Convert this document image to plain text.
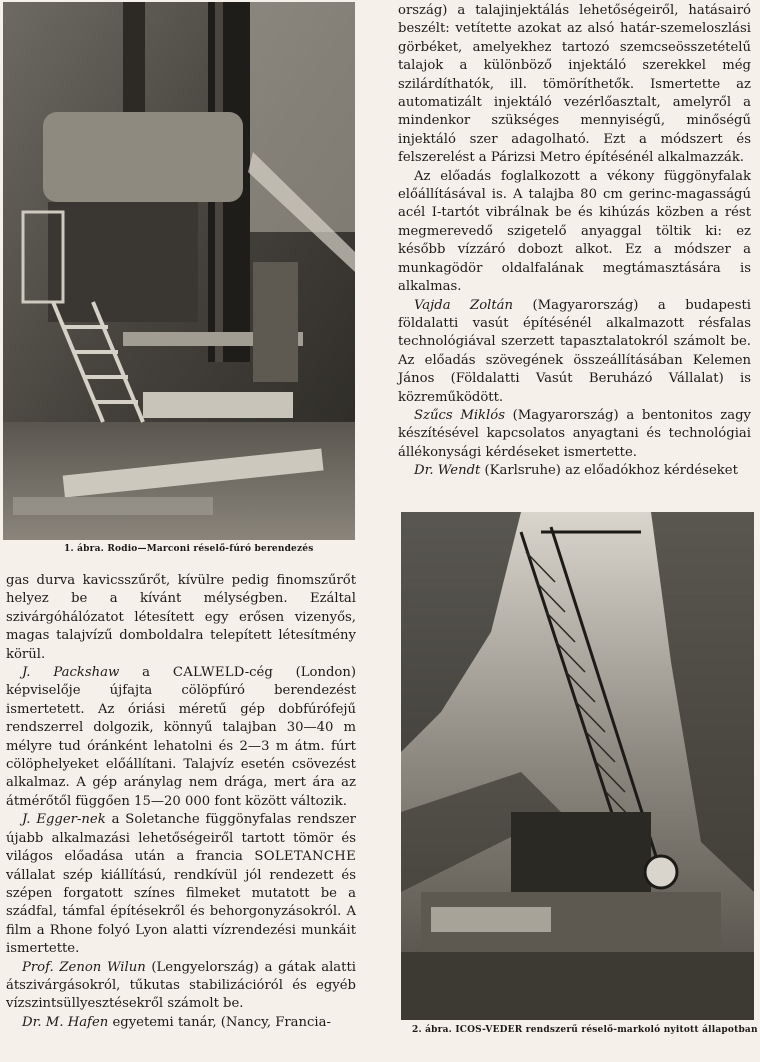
1. ábra. Rodio—Marconi réselő-fúró berendezés

gas durva kavicsszűrőt, kívülre pedig finomszűrőt helyez be a kívánt mélységben. Ezáltal szivárgóhálózatot létesített egy erősen vizenyős, magas talajvízű domboldalra telepített létesítmény körül.

J. Packshaw a CALWELD-cég (London) képviselője újfajta cölöpfúró berendezést ismertetett. Az óriási méretű gép dobfúrófejű rendszerrel dolgozik, könnyű talajban 30—40 m mélyre tud óránként lehatolni és 2—3 m átm. fúrt cölöphelyeket előállítani. Talajvíz esetén csövezést alkalmaz. A gép aránylag nem drága, mert ára az átmérőtől függően 15—20 000 font között változik.

J. Egger-nek a Soletanche függönyfalas rendszer újabb alkalmazási lehetőségeiről tartott tömör és világos előadása után a francia SOLETANCHE vállalat szép kiállítású, rendkívül jól rendezett és szépen forgatott színes filmeket mutatott be a szádfal, támfal építésekről és behorgonyzásokról. A film a Rhone folyó Lyon alatti vízrendezési munkáit ismertette.

Prof. Zenon Wilun (Lengyelország) a gátak alatti átszivárgásokról, tűkutas stabilizációról és egyéb vízszintsüllyesztésekről számolt be.

Dr. M. Hafen egyetemi tanár, (Nancy, Francia-

ország) a talajinjektálás lehetőségeiről, hatásairó beszélt: vetítette azokat az alsó határ-szemeloszlási görbéket, amelyekhez tartozó szemcseösszetételű talajok a különböző injektáló szerekkel még szilárdíthatók, ill. tömöríthetők. Ismertette az automatizált injektáló vezérlőasztalt, amelyről a mindenkor szükséges mennyiségű, minőségű injektáló szer adagolható. Ezt a módszert és felszerelést a Párizsi Metro építésénél alkalmazzák.

Az előadás foglalkozott a vékony függönyfalak előállításával is. A talajba 80 cm gerinc-magasságú acél I-tartót vibrálnak be és kihúzás közben a rést megmerevedő szigetelő anyaggal töltik ki: ez később vízzáró dobozt alkot. Ez a módszer a munkagödör oldalfalának megtámasztására is alkalmas.

Vajda Zoltán (Magyarország) a budapesti földalatti vasút építésénél alkalmazott résfalas technológiával szerzett tapasztalatokról számolt be. Az előadás szövegének összeállításában Kelemen János (Földalatti Vasút Beruházó Vállalat) is közreműködött.

Szűcs Miklós (Magyarország) a bentonitos zagy készítésével kapcsolatos anyagtani és technológiai állékonysági kérdéseket ismertette.

Dr. Wendt (Karlsruhe) az előadókhoz kérdéseket

2. ábra. ICOS-VEDER rendszerű réselő-markoló nyitott állapotban
